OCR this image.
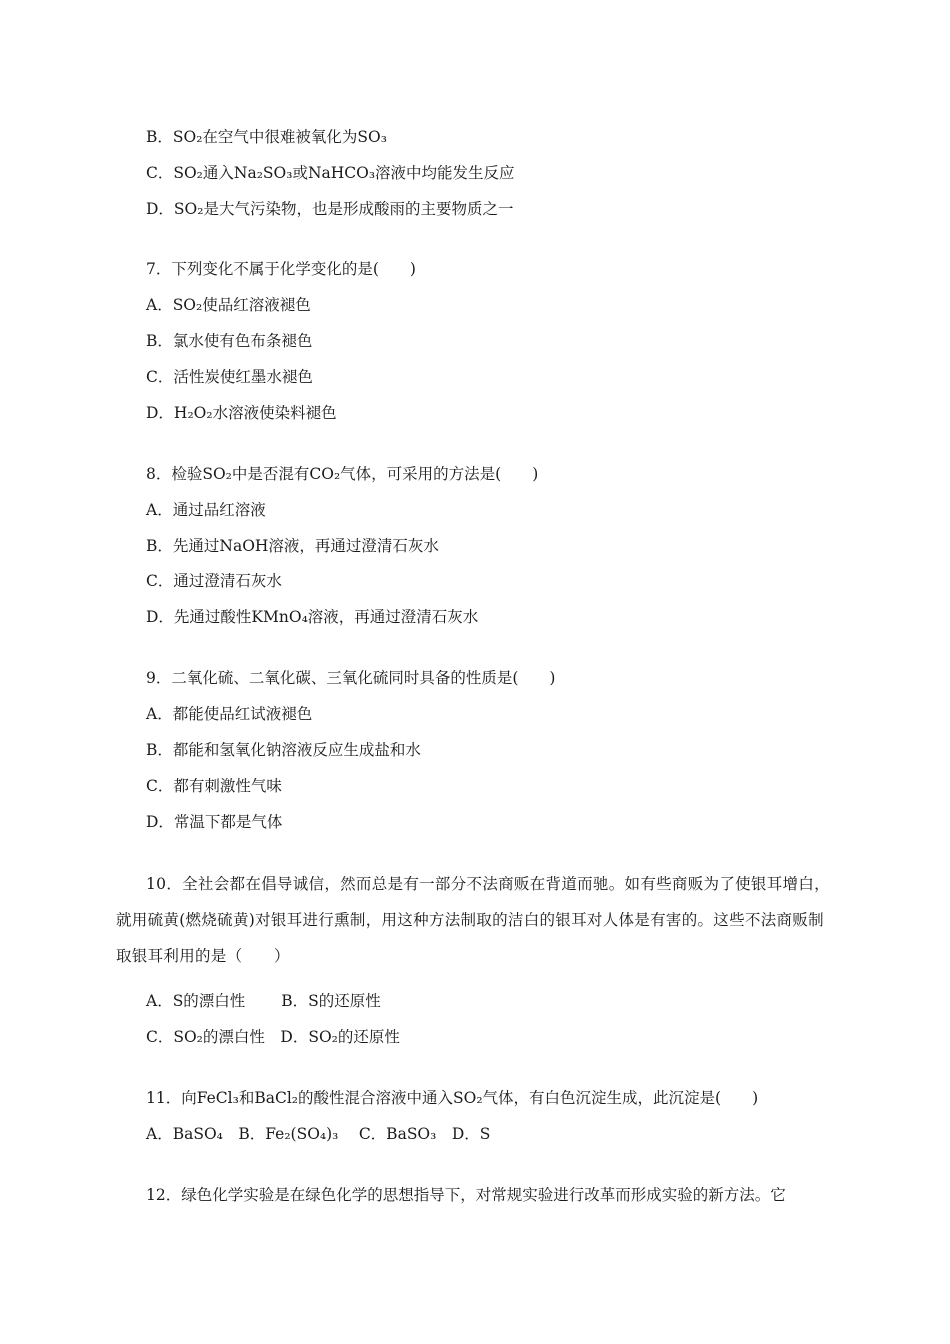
B．SO₂在空气中很难被氧化为SO₃
C．SO₂通入Na₂SO₃或NaHCO₃溶液中均能发生反应
D．SO₂是大气污染物，也是形成酸雨的主要物质之一
7．下列变化不属于化学变化的是(　　)
A．SO₂使品红溶液褪色
B．氯水使有色布条褪色
C．活性炭使红墨水褪色
D．H₂O₂水溶液使染料褪色
8．检验SO₂中是否混有CO₂气体，可采用的方法是(　　)
A．通过品红溶液
B．先通过NaOH溶液，再通过澄清石灰水
C．通过澄清石灰水
D．先通过酸性KMnO₄溶液，再通过澄清石灰水
9．二氧化硫、二氧化碳、三氧化硫同时具备的性质是(　　)
A．都能使品红试液褪色
B．都能和氢氧化钠溶液反应生成盐和水
C．都有刺激性气味
D．常温下都是气体
10．全社会都在倡导诚信，然而总是有一部分不法商贩在背道而驰。如有些商贩为了使银耳增白，就用硫黄(燃烧硫黄)对银耳进行熏制，用这种方法制取的洁白的银耳对人体是有害的。这些不法商贩制取银耳利用的是（　　）
A．S的漂白性　　 B．S的还原性
C．SO₂的漂白性　D．SO₂的还原性
11．向FeCl₃和BaCl₂的酸性混合溶液中通入SO₂气体，有白色沉淀生成，此沉淀是(　　)
A．BaSO₄　B．Fe₂(SO₄)₃　 C．BaSO₃　D．S
12．绿色化学实验是在绿色化学的思想指导下，对常规实验进行改革而形成实验的新方法。它
